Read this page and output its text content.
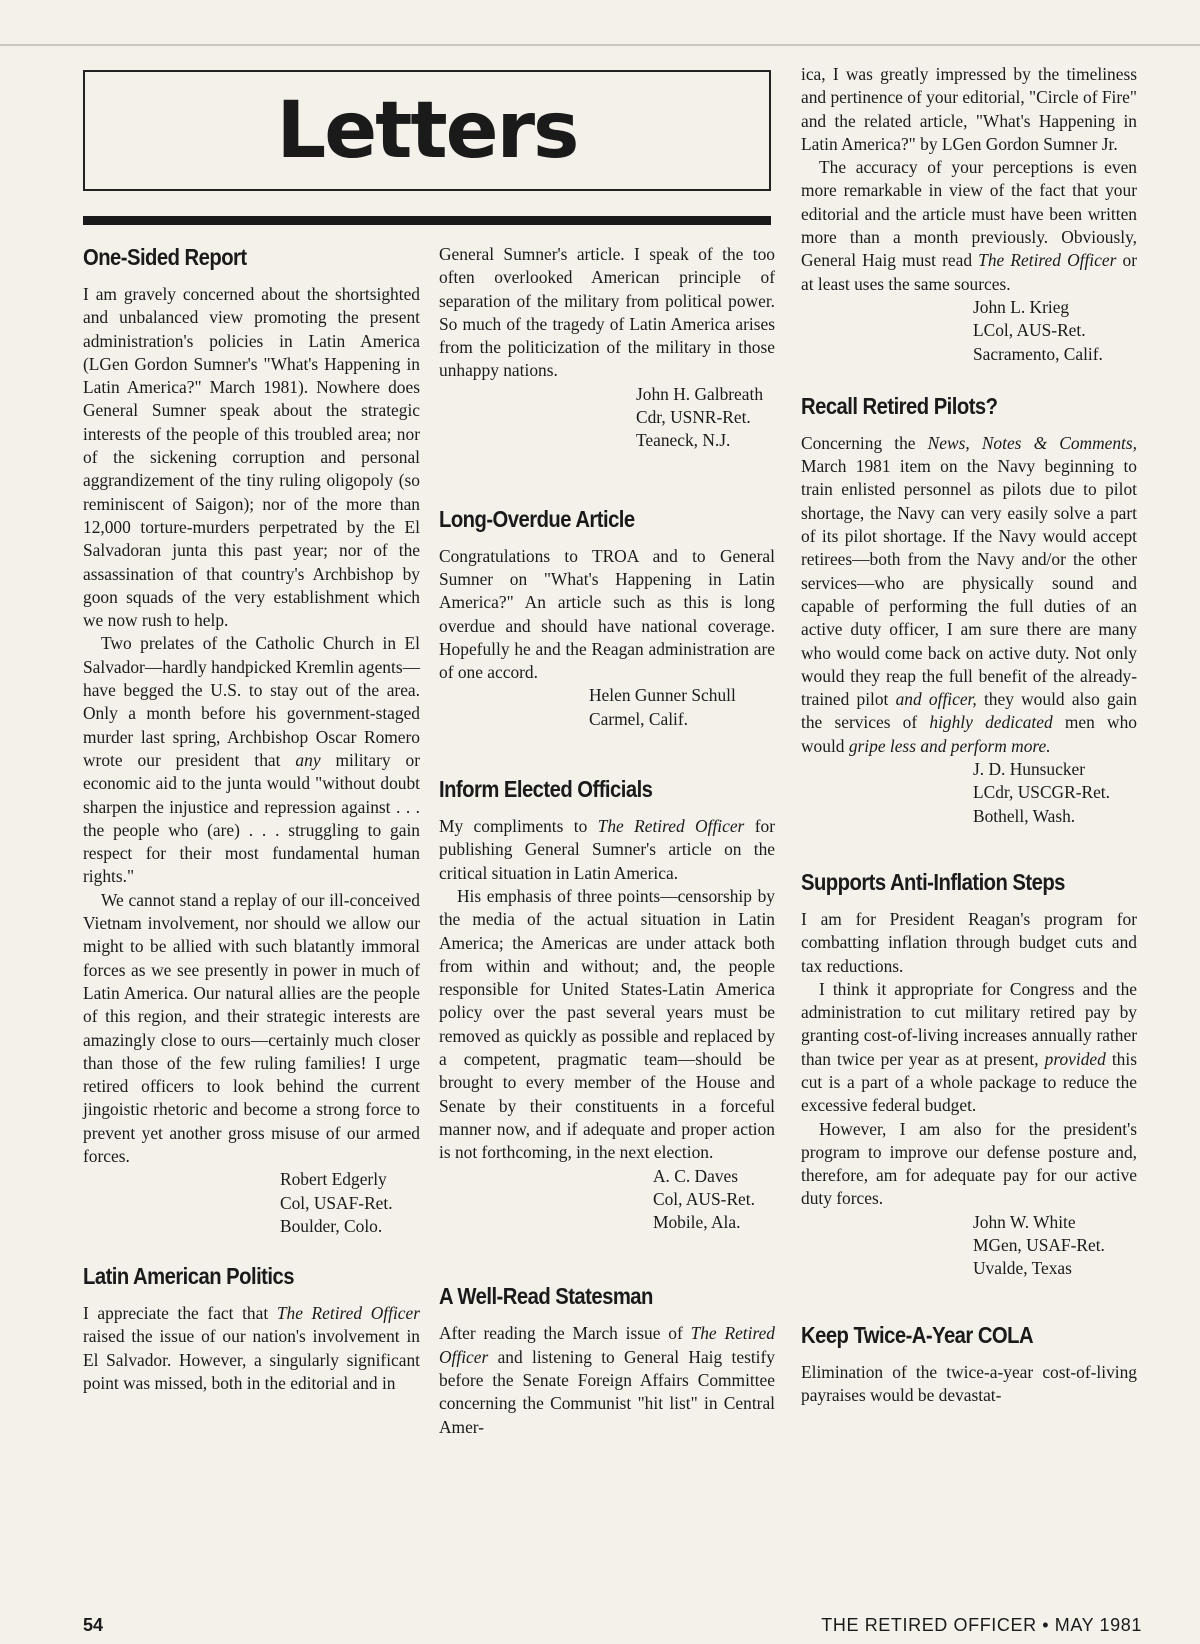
Letters
One-Sided Report

I am gravely concerned about the shortsighted and unbalanced view promoting the present administration's policies in Latin America (LGen Gordon Sumner's "What's Happening in Latin America?" March 1981). Nowhere does General Sumner speak about the strategic interests of the people of this troubled area; nor of the sickening corruption and personal aggrandizement of the tiny ruling oligopoly (so reminiscent of Saigon); nor of the more than 12,000 torture-murders perpetrated by the El Salvadoran junta this past year; nor of the assassination of that country's Archbishop by goon squads of the very establishment which we now rush to help.

Two prelates of the Catholic Church in El Salvador—hardly handpicked Kremlin agents—have begged the U.S. to stay out of the area. Only a month before his government-staged murder last spring, Archbishop Oscar Romero wrote our president that any military or economic aid to the junta would "without doubt sharpen the injustice and repression against . . . the people who (are) . . . struggling to gain respect for their most fundamental human rights."

We cannot stand a replay of our ill-conceived Vietnam involvement, nor should we allow our might to be allied with such blatantly immoral forces as we see presently in power in much of Latin America. Our natural allies are the people of this region, and their strategic interests are amazingly close to ours—certainly much closer than those of the few ruling families! I urge retired officers to look behind the current jingoistic rhetoric and become a strong force to prevent yet another gross misuse of our armed forces.

Robert Edgerly
Col, USAF-Ret.
Boulder, Colo.
Latin American Politics

I appreciate the fact that The Retired Officer raised the issue of our nation's involvement in El Salvador. However, a singularly significant point was missed, both in the editorial and in

General Sumner's article. I speak of the too often overlooked American principle of separation of the military from political power. So much of the tragedy of Latin America arises from the politicization of the military in those unhappy nations.

John H. Galbreath
Cdr, USNR-Ret.
Teaneck, N.J.
Long-Overdue Article

Congratulations to TROA and to General Sumner on "What's Happening in Latin America?" An article such as this is long overdue and should have national coverage. Hopefully he and the Reagan administration are of one accord.

Helen Gunner Schull
Carmel, Calif.
Inform Elected Officials

My compliments to The Retired Officer for publishing General Sumner's article on the critical situation in Latin America.

His emphasis of three points—censorship by the media of the actual situation in Latin America; the Americas are under attack both from within and without; and, the people responsible for United States-Latin America policy over the past several years must be removed as quickly as possible and replaced by a competent, pragmatic team—should be brought to every member of the House and Senate by their constituents in a forceful manner now, and if adequate and proper action is not forthcoming, in the next election.

A. C. Daves
Col, AUS-Ret.
Mobile, Ala.
A Well-Read Statesman

After reading the March issue of The Retired Officer and listening to General Haig testify before the Senate Foreign Affairs Committee concerning the Communist "hit list" in Central Amer-

ica, I was greatly impressed by the timeliness and pertinence of your editorial, "Circle of Fire" and the related article, "What's Happening in Latin America?" by LGen Gordon Sumner Jr.

The accuracy of your perceptions is even more remarkable in view of the fact that your editorial and the article must have been written more than a month previously. Obviously, General Haig must read The Retired Officer or at least uses the same sources.

John L. Krieg
LCol, AUS-Ret.
Sacramento, Calif.
Recall Retired Pilots?

Concerning the News, Notes & Comments, March 1981 item on the Navy beginning to train enlisted personnel as pilots due to pilot shortage, the Navy can very easily solve a part of its pilot shortage. If the Navy would accept retirees—both from the Navy and/or the other services—who are physically sound and capable of performing the full duties of an active duty officer, I am sure there are many who would come back on active duty. Not only would they reap the full benefit of the already-trained pilot and officer, they would also gain the services of highly dedicated men who would gripe less and perform more.

J. D. Hunsucker
LCdr, USCGR-Ret.
Bothell, Wash.
Supports Anti-Inflation Steps

I am for President Reagan's program for combatting inflation through budget cuts and tax reductions.

I think it appropriate for Congress and the administration to cut military retired pay by granting cost-of-living increases annually rather than twice per year as at present, provided this cut is a part of a whole package to reduce the excessive federal budget.

However, I am also for the president's program to improve our defense posture and, therefore, am for adequate pay for our active duty forces.

John W. White
MGen, USAF-Ret.
Uvalde, Texas
Keep Twice-A-Year COLA

Elimination of the twice-a-year cost-of-living payraises would be devastat-

54	THE RETIRED OFFICER • MAY 1981
